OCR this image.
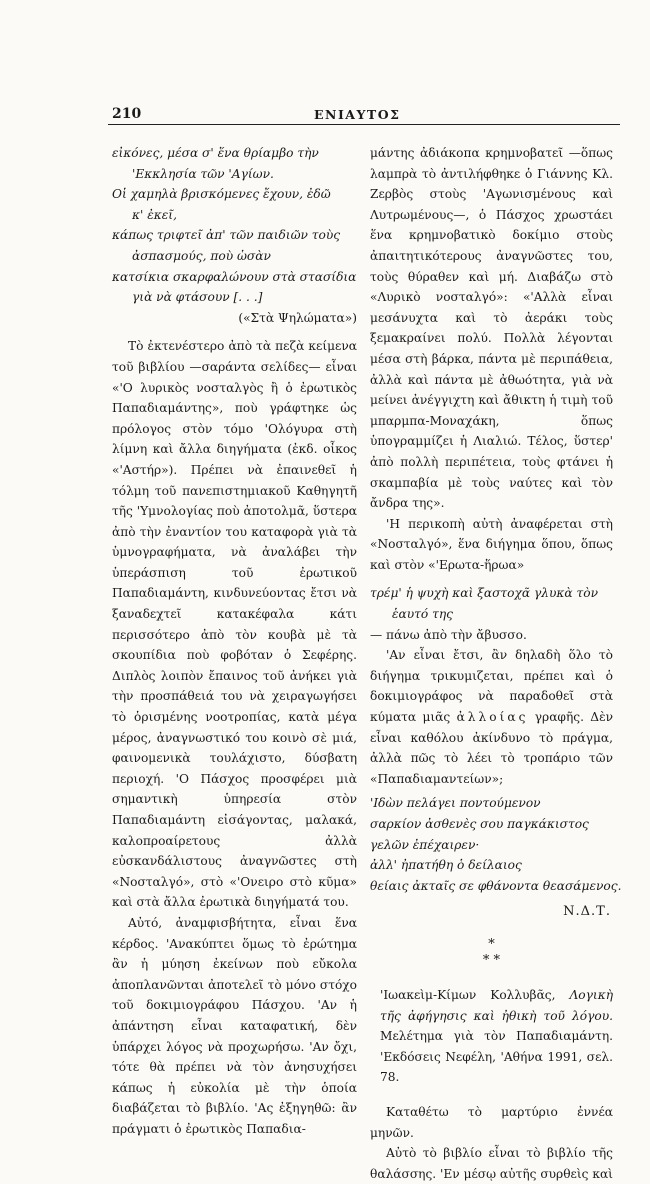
210	ΕΝΙΑΥΤΟΣ
εἰκόνες, μέσα σ' ἕνα θρίαμβο τὴν
'Εκκλησία τῶν 'Αγίων.
Οἱ χαμηλὰ βρισκόμενες ἔχουν, ἐδῶ
κ' ἐκεῖ,
κάπως τριφτεῖ ἀπ' τῶν παιδιῶν τοὺς
ἀσπασμούς, ποὺ ὡσὰν
κατσίκια σκαρφαλώνουν στὰ στασίδια
γιὰ νὰ φτάσουν [. . .]
(«Στὰ Ψηλώματα»)

Τὸ ἐκτενέστερο ἀπὸ τὰ πεζὰ κείμενα τοῦ βιβλίου —σαράντα σελίδες— εἶναι «'Ο λυρικὸς νοσταλγὸς ἢ ὁ ἐρωτικὸς Παπαδιαμάντης», ποὺ γράφτηκε ὡς πρόλογος στὸν τόμο 'Ολόγυρα στὴ λίμνη καὶ ἄλλα διηγήματα (ἐκδ. οἶκος «'Αστήρ»). Πρέπει νὰ ἐπαινεθεῖ ἡ τόλμη τοῦ πανεπιστημιακοῦ Καθηγητῆ τῆς 'Υμνολογίας ποὺ ἀποτολμᾶ, ὕστερα ἀπὸ τὴν ἐναντίον του καταφορὰ γιὰ τὰ ὑμνογραφήματα, νὰ ἀναλάβει τὴν ὑπεράσπιση τοῦ ἐρωτικοῦ Παπαδιαμάντη, κινδυνεύοντας ἔτσι νὰ ξαναδεχτεῖ κατακέφαλα κάτι περισσότερο ἀπὸ τὸν κουβὰ μὲ τὰ σκουπίδια ποὺ φοβόταν ὁ Σεφέρης. Διπλὸς λοιπὸν ἔπαινος τοῦ ἀνήκει γιὰ τὴν προσπάθειά του νὰ χειραγωγήσει τὸ ὁρισμένης νοοτροπίας, κατὰ μέγα μέρος, ἀναγνωστικό του κοινὸ σὲ μιά, φαινομενικὰ τουλάχιστο, δύσβατη περιοχή. 'Ο Πάσχος προσφέρει μιὰ σημαντικὴ ὑπηρεσία στὸν Παπαδιαμάντη εἰσάγοντας, μαλακά, καλοπροαίρετους ἀλλὰ εὐσκανδάλιστους ἀναγνῶστες στὴ «Νοσταλγό», στὸ «'Ονειρο στὸ κῦμα» καὶ στὰ ἄλλα ἐρωτικὰ διηγήματά του.

Αὐτό, ἀναμφισβήτητα, εἶναι ἕνα κέρδος. 'Ανακύπτει ὅμως τὸ ἐρώτημα ἂν ἡ μύηση ἐκείνων ποὺ εὔκολα ἀποπλανῶνται ἀποτελεῖ τὸ μόνο στόχο τοῦ δοκιμιογράφου Πάσχου. 'Αν ἡ ἀπάντηση εἶναι καταφατική, δὲν ὑπάρχει λόγος νὰ προχωρήσω. 'Αν ὄχι, τότε θὰ πρέπει νὰ τὸν ἀνησυχήσει κάπως ἡ εὐκολία μὲ τὴν ὁποία διαβάζεται τὸ βιβλίο. 'Ας ἐξηγηθῶ: ἂν πράγματι ὁ ἐρωτικὸς Παπαδια-

μάντης ἀδιάκοπα κρημνοβατεῖ —ὅπως λαμπρὰ τὸ ἀντιλήφθηκε ὁ Γιάννης Κλ. Ζερβὸς στοὺς 'Αγωνισμένους καὶ Λυτρωμένους—, ὁ Πάσχος χρωστάει ἕνα κρημνοβατικὸ δοκίμιο στοὺς ἀπαιτητικότερους ἀναγνῶστες του, τοὺς θύραθεν καὶ μή. Διαβάζω στὸ «Λυρικὸ νοσταλγό»: «'Αλλὰ εἶναι μεσάνυχτα καὶ τὸ ἀεράκι τοὺς ξεμακραίνει πολύ. Πολλὰ λέγονται μέσα στὴ βάρκα, πάντα μὲ περιπάθεια, ἀλλὰ καὶ πάντα μὲ ἀθωότητα, γιὰ νὰ μείνει ἀνέγγιχτη καὶ ἄθικτη ἡ τιμὴ τοῦ μπαρμπα-Μοναχάκη, ὅπως ὑπογραμμίζει ἡ Λιαλιώ. Τέλος, ὕστερ' ἀπὸ πολλὴ περιπέτεια, τοὺς φτάνει ἡ σκαμπαβία μὲ τοὺς ναύτες καὶ τὸν ἄνδρα της».

'Η περικοπὴ αὐτὴ ἀναφέρεται στὴ «Νοσταλγό», ἕνα διήγημα ὅπου, ὅπως καὶ στὸν «'Ερωτα-ἥρωα»

τρέμ' ἡ ψυχὴ καὶ ξαστοχᾶ γλυκὰ τὸν
ἑαυτό της
— πάνω ἀπὸ τὴν ἄβυσσο.

'Αν εἶναι ἔτσι, ἂν δηλαδὴ ὅλο τὸ διήγημα τρικυμιζεται, πρέπει καὶ ὁ δοκιμιογράφος νὰ παραδοθεῖ στὰ κύματα μιᾶς ἀλλοίας γραφῆς. Δὲν εἶναι καθόλου ἀκίνδυνο τὸ πράγμα, ἀλλὰ πῶς τὸ λέει τὸ τροπάριο τῶν «Παπαδιαμαντείων»;

'Ιδὼν πελάγει ποντούμενον
σαρκίον ἀσθενὲς σου παγκάκιστος
γελῶν ἐπέχαιρεν·
ἀλλ' ἠπατήθη ὁ δείλαιος
θείαις ἀκταῖς σε φθάνοντα θεασάμενος.
Ν.Δ.Τ.
*
* *

'Ιωακεὶμ-Κίμων Κολλυβᾶς, Λογικὴ τῆς ἀφήγησις καὶ ἠθικὴ τοῦ λόγου. Μελέτημα γιὰ τὸν Παπαδιαμάντη. 'Εκδόσεις Νεφέλη, 'Αθήνα 1991, σελ. 78.

Καταθέτω τὸ μαρτύριο ἐννέα μηνῶν.

Αὐτὸ τὸ βιβλίο εἶναι τὸ βιβλίο τῆς θαλάσσης. 'Εν μέσῳ αὐτῆς συρθεὶς καὶ
